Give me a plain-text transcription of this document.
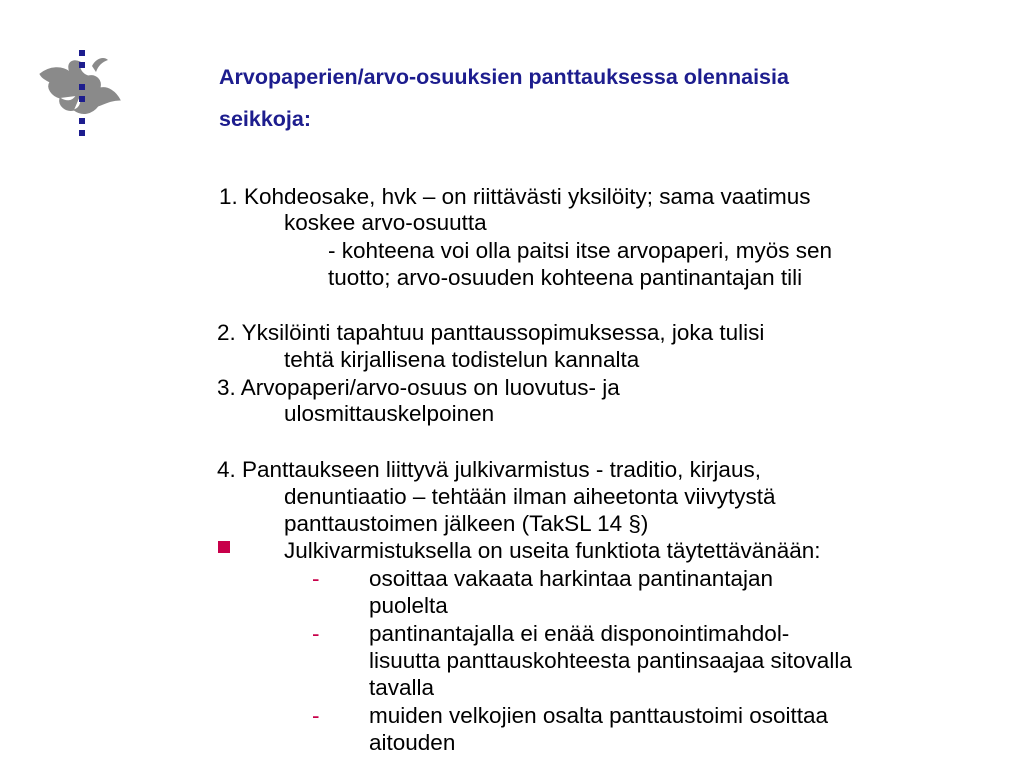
Arvopaperien/arvo-osuuksien panttauksessa olennaisia
seikkoja:
1. Kohdeosake, hvk – on riittävästi yksilöity; sama vaatimus
koskee arvo-osuutta
- kohteena voi olla paitsi itse arvopaperi, myös sen
tuotto; arvo-osuuden kohteena pantinantajan tili
2. Yksilöinti tapahtuu panttaussopimuksessa, joka tulisi
tehtä kirjallisena todistelun kannalta
3. Arvopaperi/arvo-osuus on luovutus- ja
ulosmittauskelpoinen
4. Panttaukseen liittyvä julkivarmistus - traditio, kirjaus,
denuntiaatio – tehtään ilman aiheetonta viivytystä
panttaustoimen jälkeen (TakSL 14 §)
Julkivarmistuksella on useita funktiota täytettävänään:
- osoittaa vakaata harkintaa pantinantajan
puolelta
- pantinantajalla ei enää disponointimahdol-
lisuutta panttauskohteesta pantinsaajaa sitovalla
tavalla
- muiden velkojien osalta panttaustoimi osoittaa
aitouden
